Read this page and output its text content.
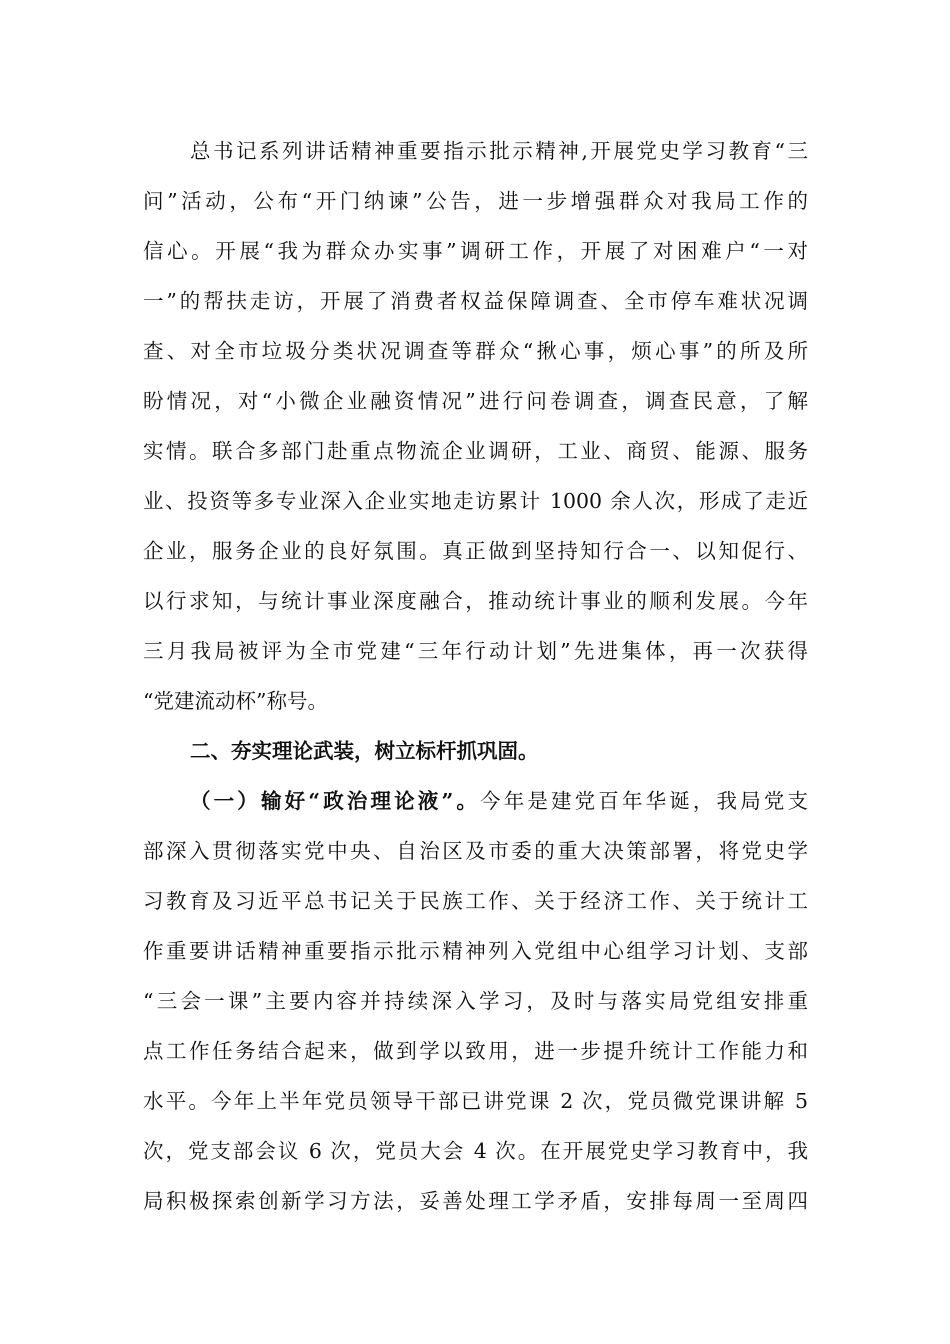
总书记系列讲话精神重要指示批示精神,开展党史学习教育“三
问”活动，公布“开门纳谏”公告，进一步增强群众对我局工作的
信心。开展“我为群众办实事”调研工作，开展了对困难户“一对
一”的帮扶走访，开展了消费者权益保障调查、全市停车难状况调
查、对全市垃圾分类状况调查等群众“揪心事，烦心事”的所及所
盼情况，对“小微企业融资情况”进行问卷调查，调查民意，了解
实情。联合多部门赴重点物流企业调研，工业、商贸、能源、服务
业、投资等多专业深入企业实地走访累计 1000 余人次，形成了走近
企业，服务企业的良好氛围。真正做到坚持知行合一、以知促行、
以行求知，与统计事业深度融合，推动统计事业的顺利发展。今年
三月我局被评为全市党建“三年行动计划”先进集体，再一次获得
“党建流动杯”称号。
二、夯实理论武装，树立标杆抓巩固。
（一）输好“政治理论液”。今年是建党百年华诞，我局党支
部深入贯彻落实党中央、自治区及市委的重大决策部署，将党史学
习教育及习近平总书记关于民族工作、关于经济工作、关于统计工
作重要讲话精神重要指示批示精神列入党组中心组学习计划、支部
“三会一课”主要内容并持续深入学习，及时与落实局党组安排重
点工作任务结合起来，做到学以致用，进一步提升统计工作能力和
水平。今年上半年党员领导干部已讲党课 2 次，党员微党课讲解 5
次，党支部会议 6 次，党员大会 4 次。在开展党史学习教育中，我
局积极探索创新学习方法，妥善处理工学矛盾，安排每周一至周四
